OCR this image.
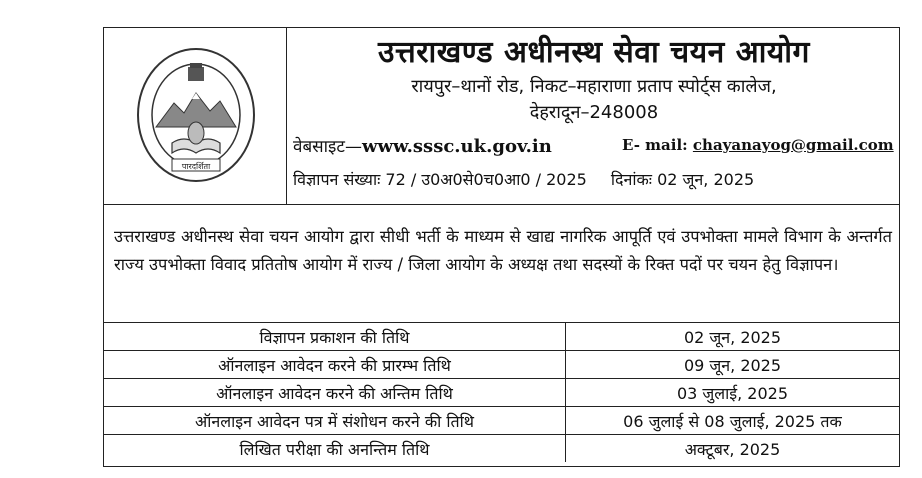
पारदर्शिता
उत्तराखण्ड अधीनस्थ सेवा चयन आयोग
रायपुर–थानों रोड, निकट–महाराणा प्रताप स्पोर्ट्स कालेज,
देहरादून–248008
वेबसाइट—www.sssc.uk.gov.in	E- mail: chayanayog@gmail.com
विज्ञापन संख्याः 72 / उ0अ0से0च0आ0 / 2025 दिनांकः 02 जून, 2025
उत्तराखण्ड अधीनस्थ सेवा चयन आयोग द्वारा सीधी भर्ती के माध्यम से खाद्य नागरिक आपूर्ति एवं उपभोक्ता मामले विभाग के अन्तर्गत राज्य उपभोक्ता विवाद प्रतितोष आयोग में राज्य / जिला आयोग के अध्यक्ष तथा सदस्यों के रिक्त पदों पर चयन हेतु विज्ञापन।
विज्ञापन प्रकाशन की तिथि	02 जून, 2025
ऑनलाइन आवेदन करने की प्रारम्भ तिथि	09 जून, 2025
ऑनलाइन आवेदन करने की अन्तिम तिथि	03 जुलाई, 2025
ऑनलाइन आवेदन पत्र में संशोधन करने की तिथि	06 जुलाई से 08 जुलाई, 2025 तक
लिखित परीक्षा की अनन्तिम तिथि	अक्टूबर, 2025
